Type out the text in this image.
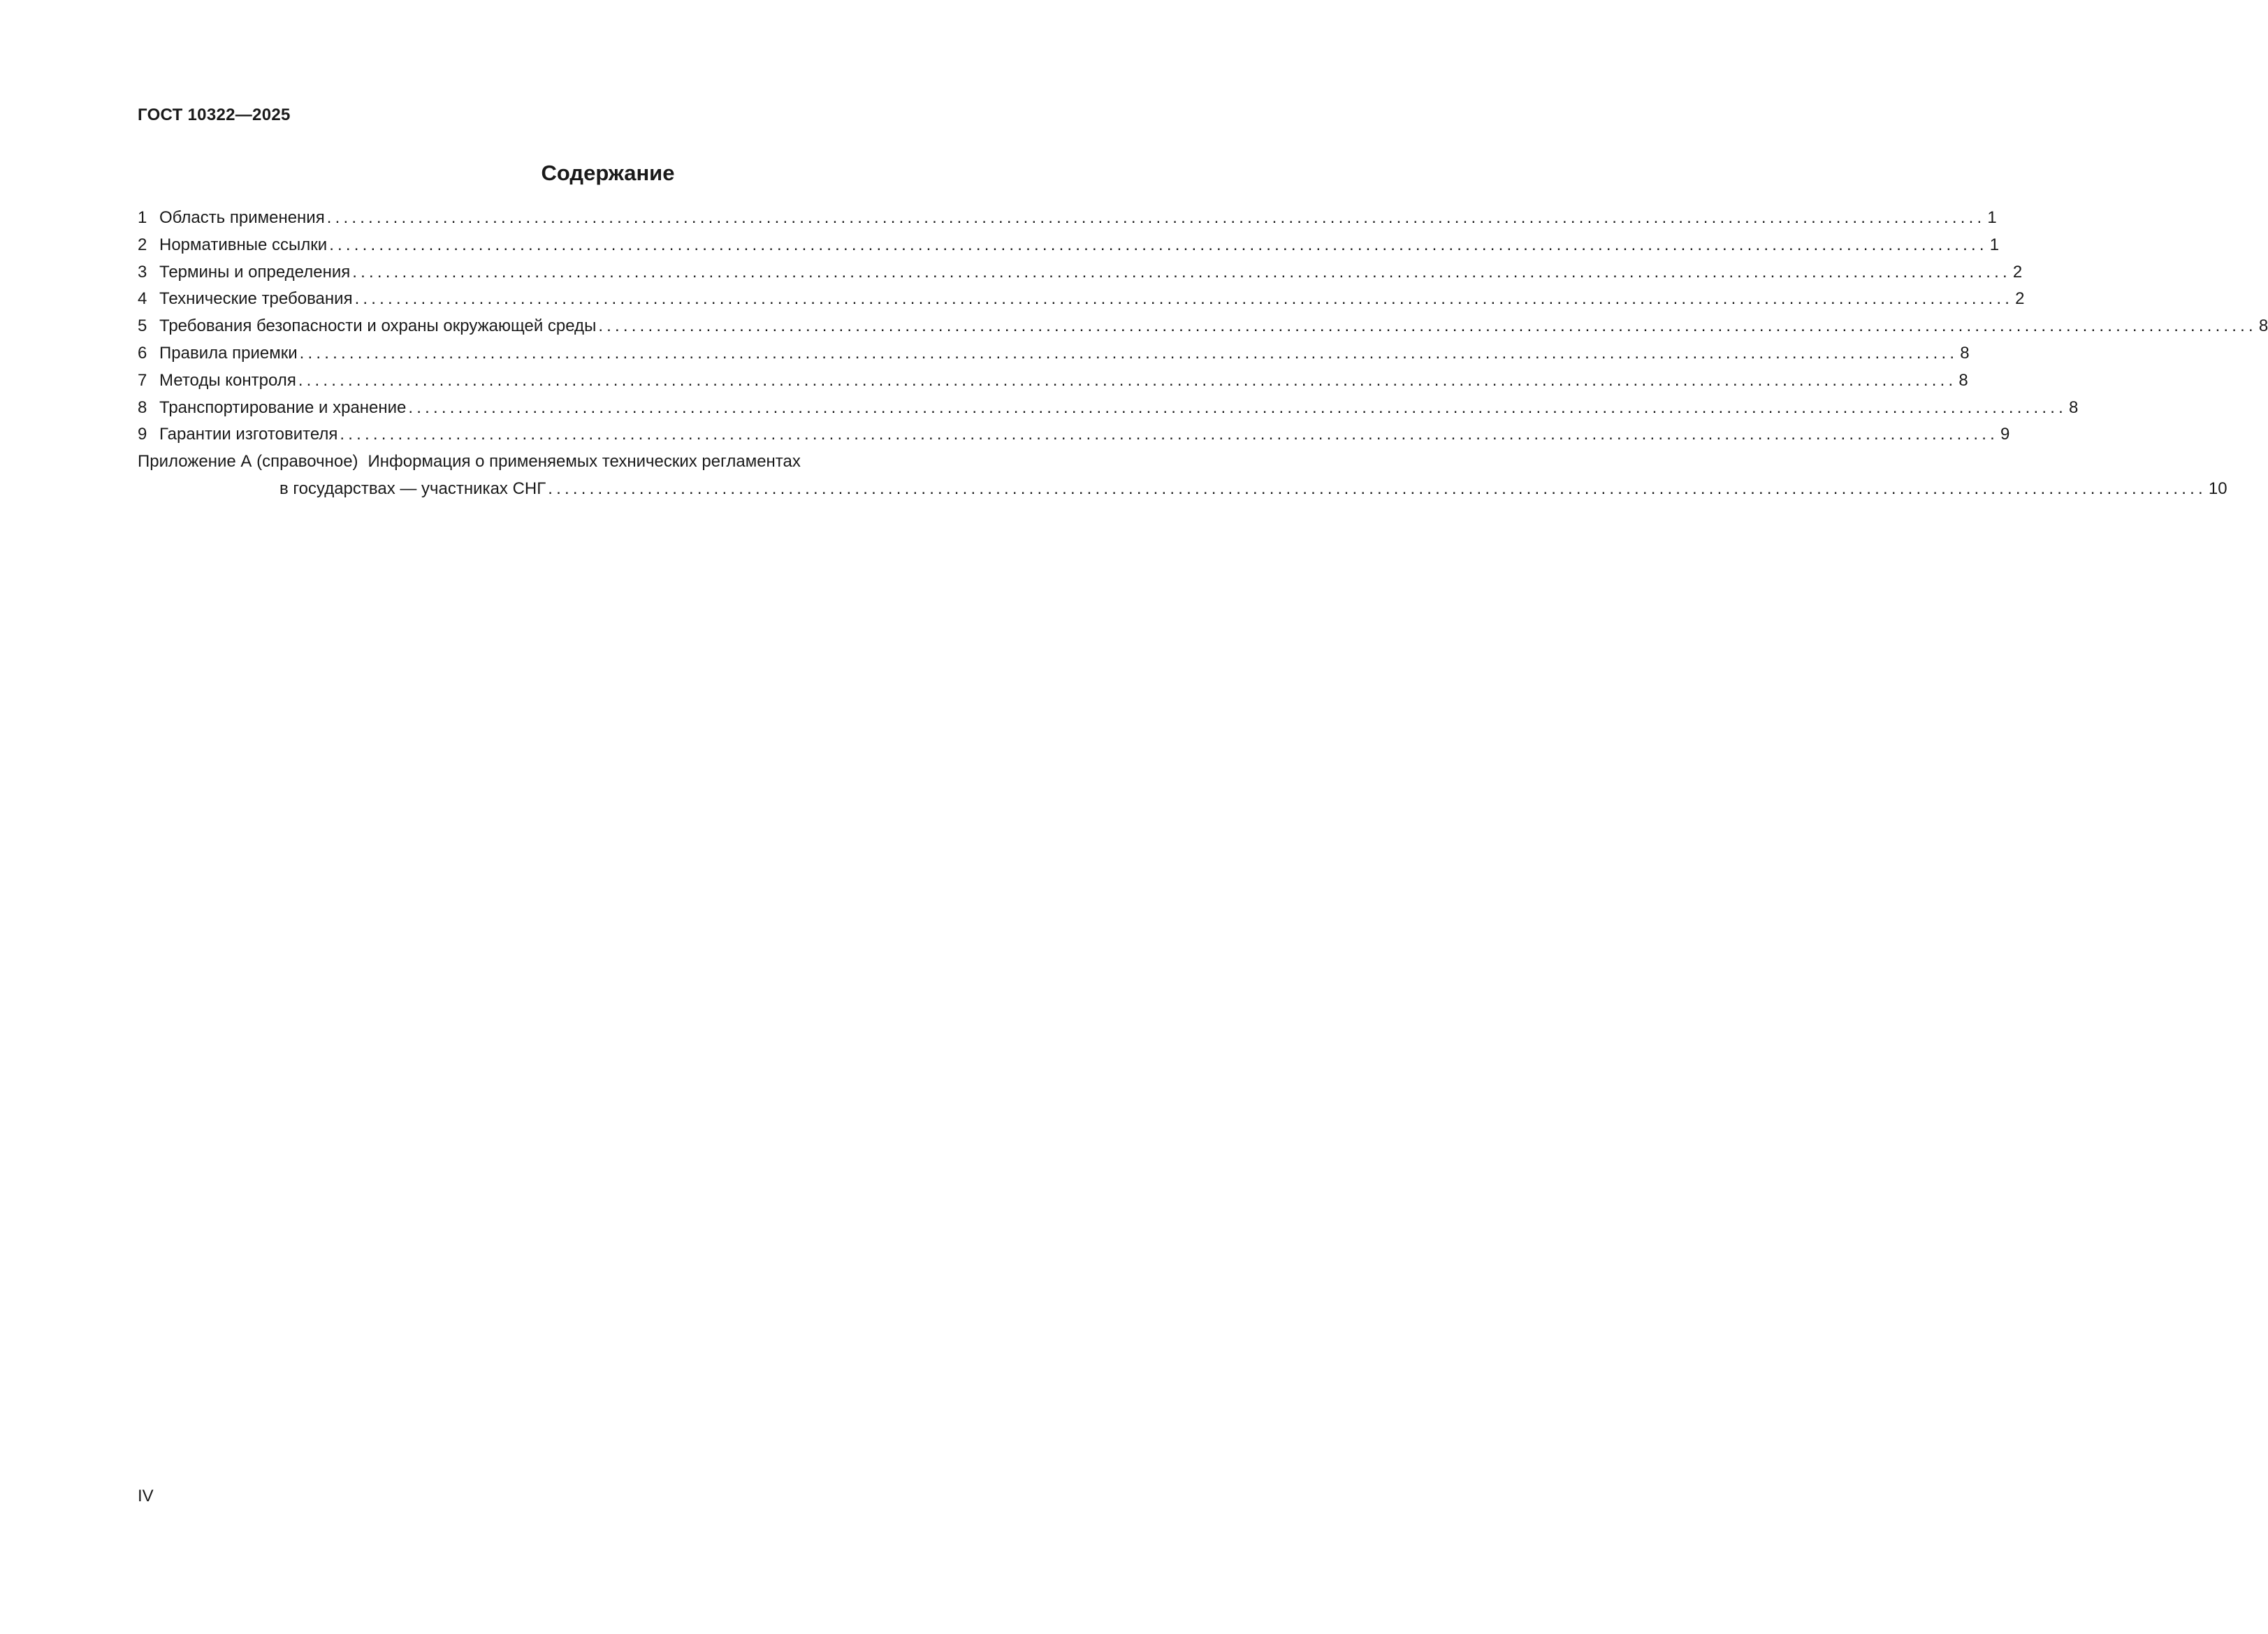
ГОСТ 10322—2025
Содержание
1 Область применения ........................................................................................................................................................................................................ 1
2 Нормативные ссылки ........................................................................................................................................................................................................ 1
3 Термины и определения ........................................................................................................................................................................................................ 2
4 Технические требования ........................................................................................................................................................................................................ 2
5 Требования безопасности и охраны окружающей среды ........................................................................................................................................................................................................ 8
6 Правила приемки ........................................................................................................................................................................................................ 8
7 Методы контроля ........................................................................................................................................................................................................ 8
8 Транспортирование и хранение ........................................................................................................................................................................................................ 8
9 Гарантии изготовителя ........................................................................................................................................................................................................ 9
Приложение А (справочное) Информация о применяемых технических регламентах
в государствах — участниках СНГ ........................................................................................................................................................................................................ 10
IV
